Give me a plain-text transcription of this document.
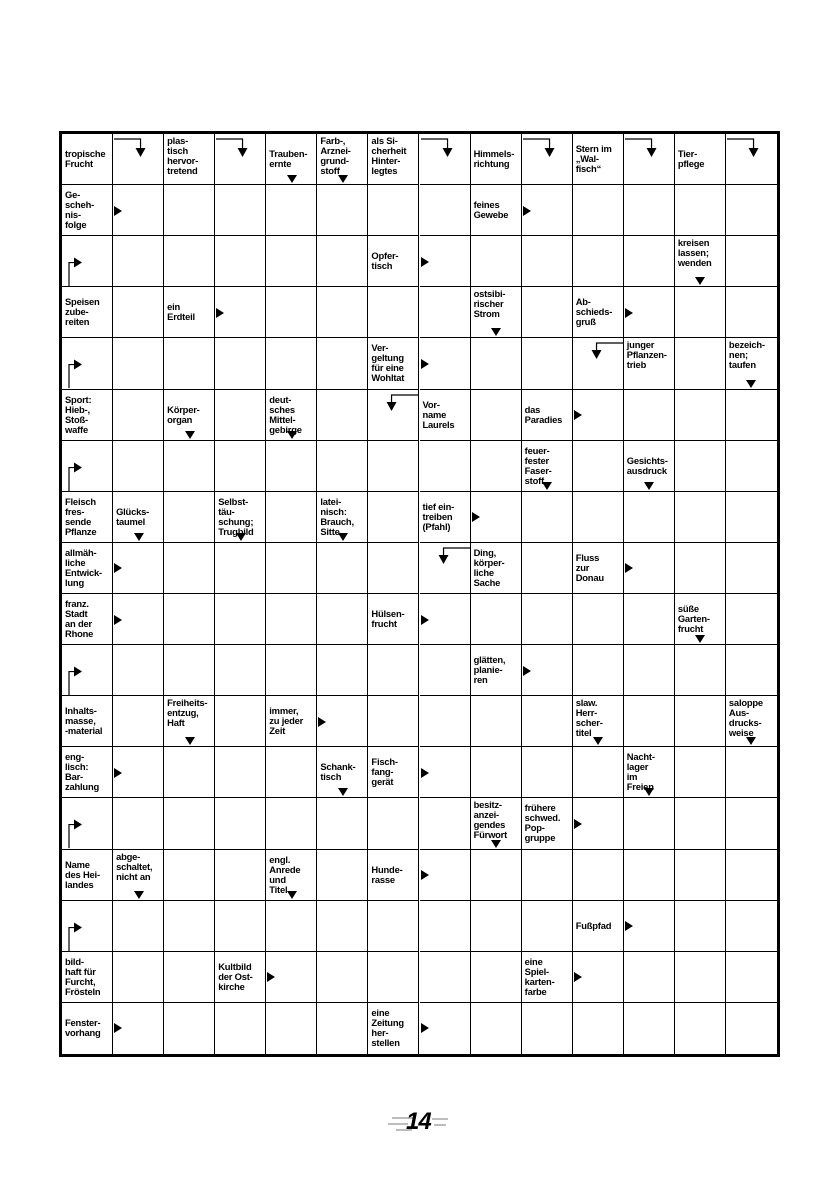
tropische
Frucht
plas-
tisch
hervor-
tretend
Trauben-
ernte
Farb-,
Arznei-
grund-
stoff
als Si-
cherheit
Hinter-
legtes
Himmels-
richtung
Stern im
„Wal-
fisch“
Tier-
pflege
Ge-
scheh-
nis-
folge
feines
Gewebe
Opfer-
tisch
kreisen
lassen;
wenden
Speisen
zube-
reiten
ein
Erdteil
ostsibi-
rischer
Strom
Ab-
schieds-
gruß
Ver-
geltung
für eine
Wohltat
junger
Pflanzen-
trieb
bezeich-
nen;
taufen
Sport:
Hieb-,
Stoß-
waffe
Körper-
organ
deut-
sches
Mittel-
gebirge
Vor-
name
Laurels
das
Paradies
feuer-
fester
Faser-
stoff
Gesichts-
ausdruck
Fleisch
fres-
sende
Pflanze
Glücks-
taumel
Selbst-
täu-
schung;
Trugbild
latei-
nisch:
Brauch,
Sitte
tief ein-
treiben
(Pfahl)
allmäh-
liche
Entwick-
lung
Ding,
körper-
liche
Sache
Fluss
zur
Donau
franz.
Stadt
an der
Rhone
Hülsen-
frucht
süße
Garten-
frucht
glätten,
planie-
ren
Inhalts-
masse,
-material
Freiheits-
entzug,
Haft
immer,
zu jeder
Zeit
slaw.
Herr-
scher-
titel
saloppe
Aus-
drucks-
weise
eng-
lisch:
Bar-
zahlung
Schank-
tisch
Fisch-
fang-
gerät
Nacht-
lager
im
Freien
besitz-
anzei-
gendes
Fürwort
frühere
schwed.
Pop-
gruppe
Name
des Hei-
landes
abge-
schaltet,
nicht an
engl.
Anrede
und
Titel
Hunde-
rasse
Fußpfad
bild-
haft für
Furcht,
Frösteln
Kultbild
der Ost-
kirche
eine
Spiel-
karten-
farbe
Fenster-
vorhang
eine
Zeitung
her-
stellen
14
